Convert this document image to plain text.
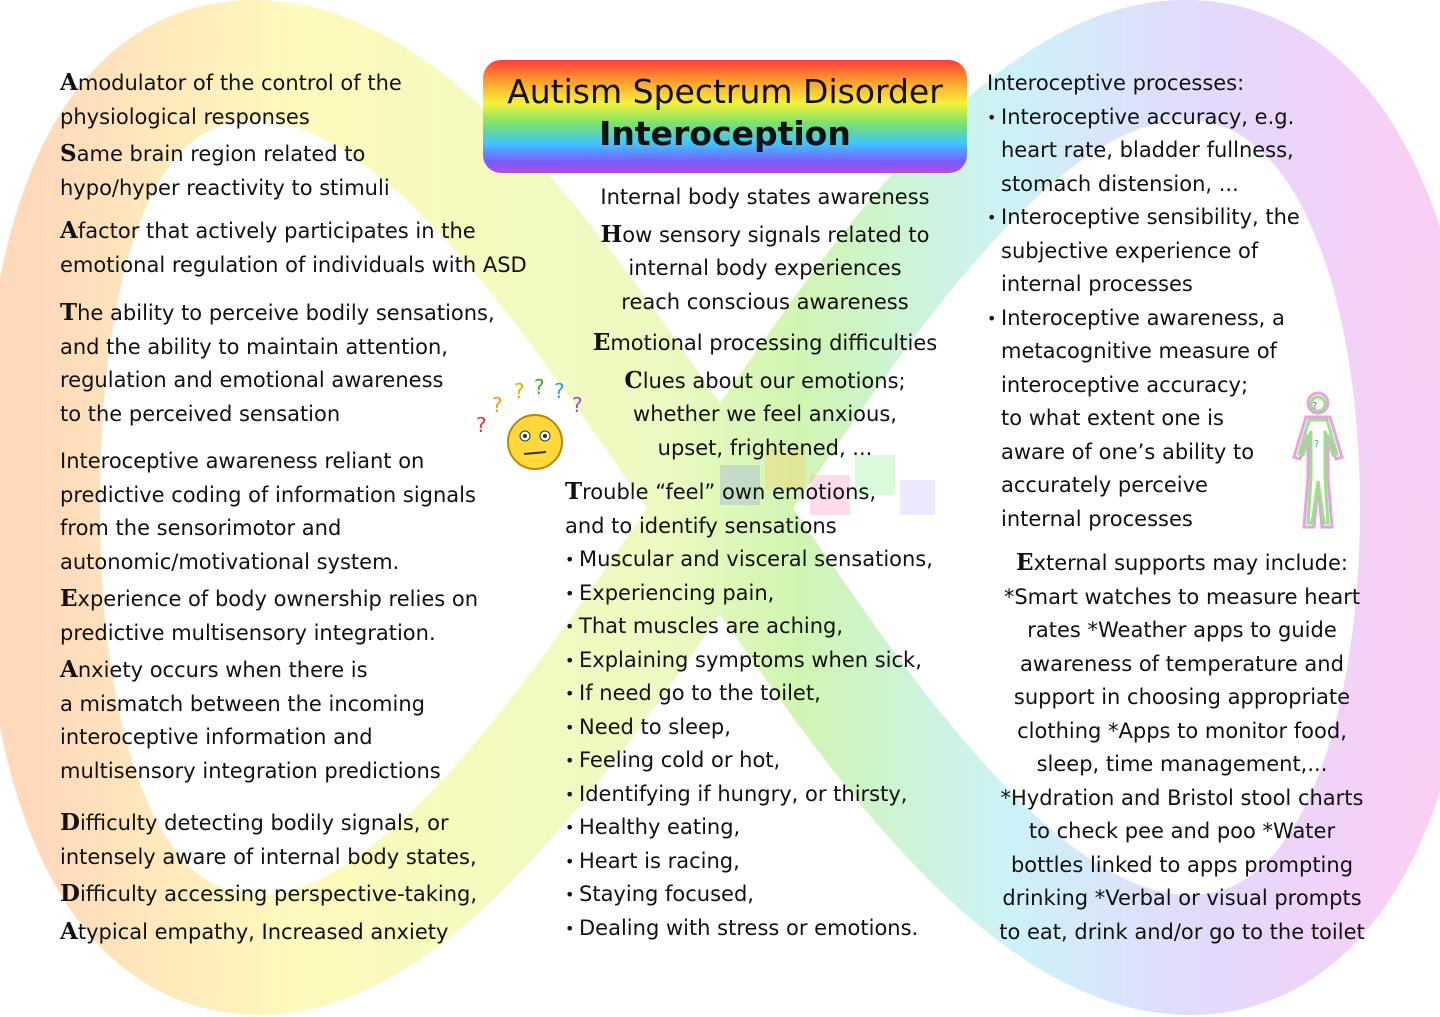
Autism Spectrum Disorder
Interoception
Amodulator of the control of the
physiological responses
Same brain region related to
hypo/hyper reactivity to stimuli
Afactor that actively participates in the
emotional regulation of individuals with ASD
The ability to perceive bodily sensations,
and the ability to maintain attention,
regulation and emotional awareness
to the perceived sensation
Interoceptive awareness reliant on
predictive coding of information signals
from the sensorimotor and
autonomic/motivational system.
Experience of body ownership relies on
predictive multisensory integration.
Anxiety occurs when there is
a mismatch between the incoming
interoceptive information and
multisensory integration predictions
Difficulty detecting bodily signals, or
intensely aware of internal body states,
Difficulty accessing perspective-taking,
Atypical empathy, Increased anxiety
Internal body states awareness
How sensory signals related to
internal body experiences
reach conscious awareness
Emotional processing difficulties
Clues about our emotions;
whether we feel anxious,
upset, frightened, ...
Trouble “feel” own emotions,
and to identify sensations
• Muscular and visceral sensations,
• Experiencing pain,
• That muscles are aching,
• Explaining symptoms when sick,
• If need go to the toilet,
• Need to sleep,
• Feeling cold or hot,
• Identifying if hungry, or thirsty,
• Healthy eating,
• Heart is racing,
• Staying focused,
• Dealing with stress or emotions.
Interoceptive processes:
• Interoceptive accuracy, e.g.
heart rate, bladder fullness,
stomach distension, ...
• Interoceptive sensibility, the
subjective experience of
internal processes
• Interoceptive awareness, a
metacognitive measure of
interoceptive accuracy;
to what extent one is
aware of one’s ability to
accurately perceive
internal processes
External supports may include:
*Smart watches to measure heart
rates *Weather apps to guide
awareness of temperature and
support in choosing appropriate
clothing *Apps to monitor food,
sleep, time management,...
*Hydration and Bristol stool charts
to check pee and poo *Water
bottles linked to apps prompting
drinking *Verbal or visual prompts
to eat, drink and/or go to the toilet
?
?
? ? ?
?	?
?
